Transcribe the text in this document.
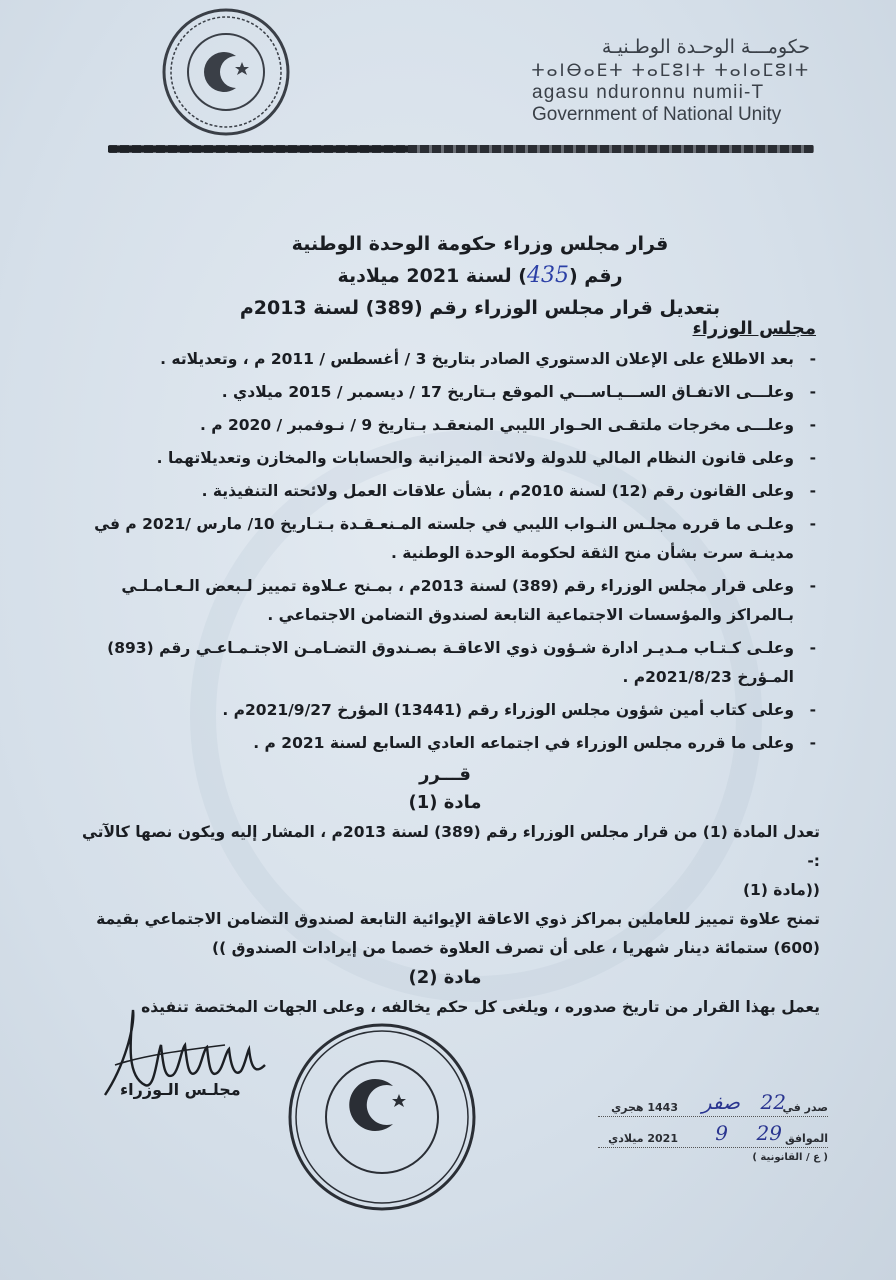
حكومـــة الوحـدة الوطـنيـة
ⵜⴰⵏⴱⴰⴹⵜ ⵜⴰⵎⵓⵏⵜ ⵜⴰⵏⴰⵎⵓⵏⵜ
agasu nduronnu numii-T
Government of National Unity
قرار مجلس وزراء حكومة الوحدة الوطنية
رقم (435) لسنة 2021 ميلادية
بتعديل قرار مجلس الوزراء رقم (389) لسنة 2013م
مجلس الوزراء
- بعد الاطلاع على الإعلان الدستوري الصادر بتاريخ 3 / أغسطس / 2011 م ، وتعديلاته .
- وعلـــى الاتفـاق الســـيـاســـي الموقع بـتاريخ 17 / ديسمبر / 2015 ميلادي .
- وعلـــى مخرجات ملتقـى الحـوار الليبي المنعقـد بـتاريخ 9 / نـوفمبر / 2020 م .
- وعلى قانون النظام المالي للدولة ولائحة الميزانية والحسابات والمخازن وتعديلاتهما .
- وعلى القانون رقم (12) لسنة 2010م ، بشأن علاقات العمل ولائحته التنفيذية .
- وعلـى ما قرره مجلـس النـواب الليبي في جلسته المـنعـقـدة بـتـاريخ 10/ مارس /2021 م في مدينـة سرت بشأن منح الثقة لحكومة الوحدة الوطنية .
- وعلى قرار مجلس الوزراء رقم (389) لسنة 2013م ، بمـنح عـلاوة تمييز لـبعض الـعـامـلـي بـالمراكز والمؤسسات الاجتماعية التابعة لصندوق التضامن الاجتماعي .
- وعلـى كـتـاب مـديـر ادارة شـؤون ذوي الاعاقـة بصـندوق التضـامـن الاجتـمـاعـي رقم (893) المـؤرخ 2021/8/23م .
- وعلى كتاب أمين شؤون مجلس الوزراء رقم (13441) المؤرخ 2021/9/27م .
- وعلى ما قرره مجلس الوزراء في اجتماعه العادي السابع لسنة 2021 م .
قـــرر
مادة (1)
تعدل المادة (1) من قرار مجلس الوزراء رقم (389) لسنة 2013م ، المشار إليه ويكون نصها كالآتي :-
((مادة (1)
تمنح علاوة تمييز للعاملين بمراكز ذوي الاعاقة الإيوائية التابعة لصندوق التضامن الاجتماعي بقيمة (600) ستمائة دينار شهريا ، على أن تصرف العلاوة خصما من إيرادات الصندوق ))
مادة (2)
يعمل بهذا القرار من تاريخ صدوره ، ويلغى كل حكم يخالفه ، وعلى الجهات المختصة تنفيذه
مجلـس الـوزراء
صدر في
22
صفر
1443 هجري
الموافق
29
9
2021 ميلادي
( ع / القانونية )
